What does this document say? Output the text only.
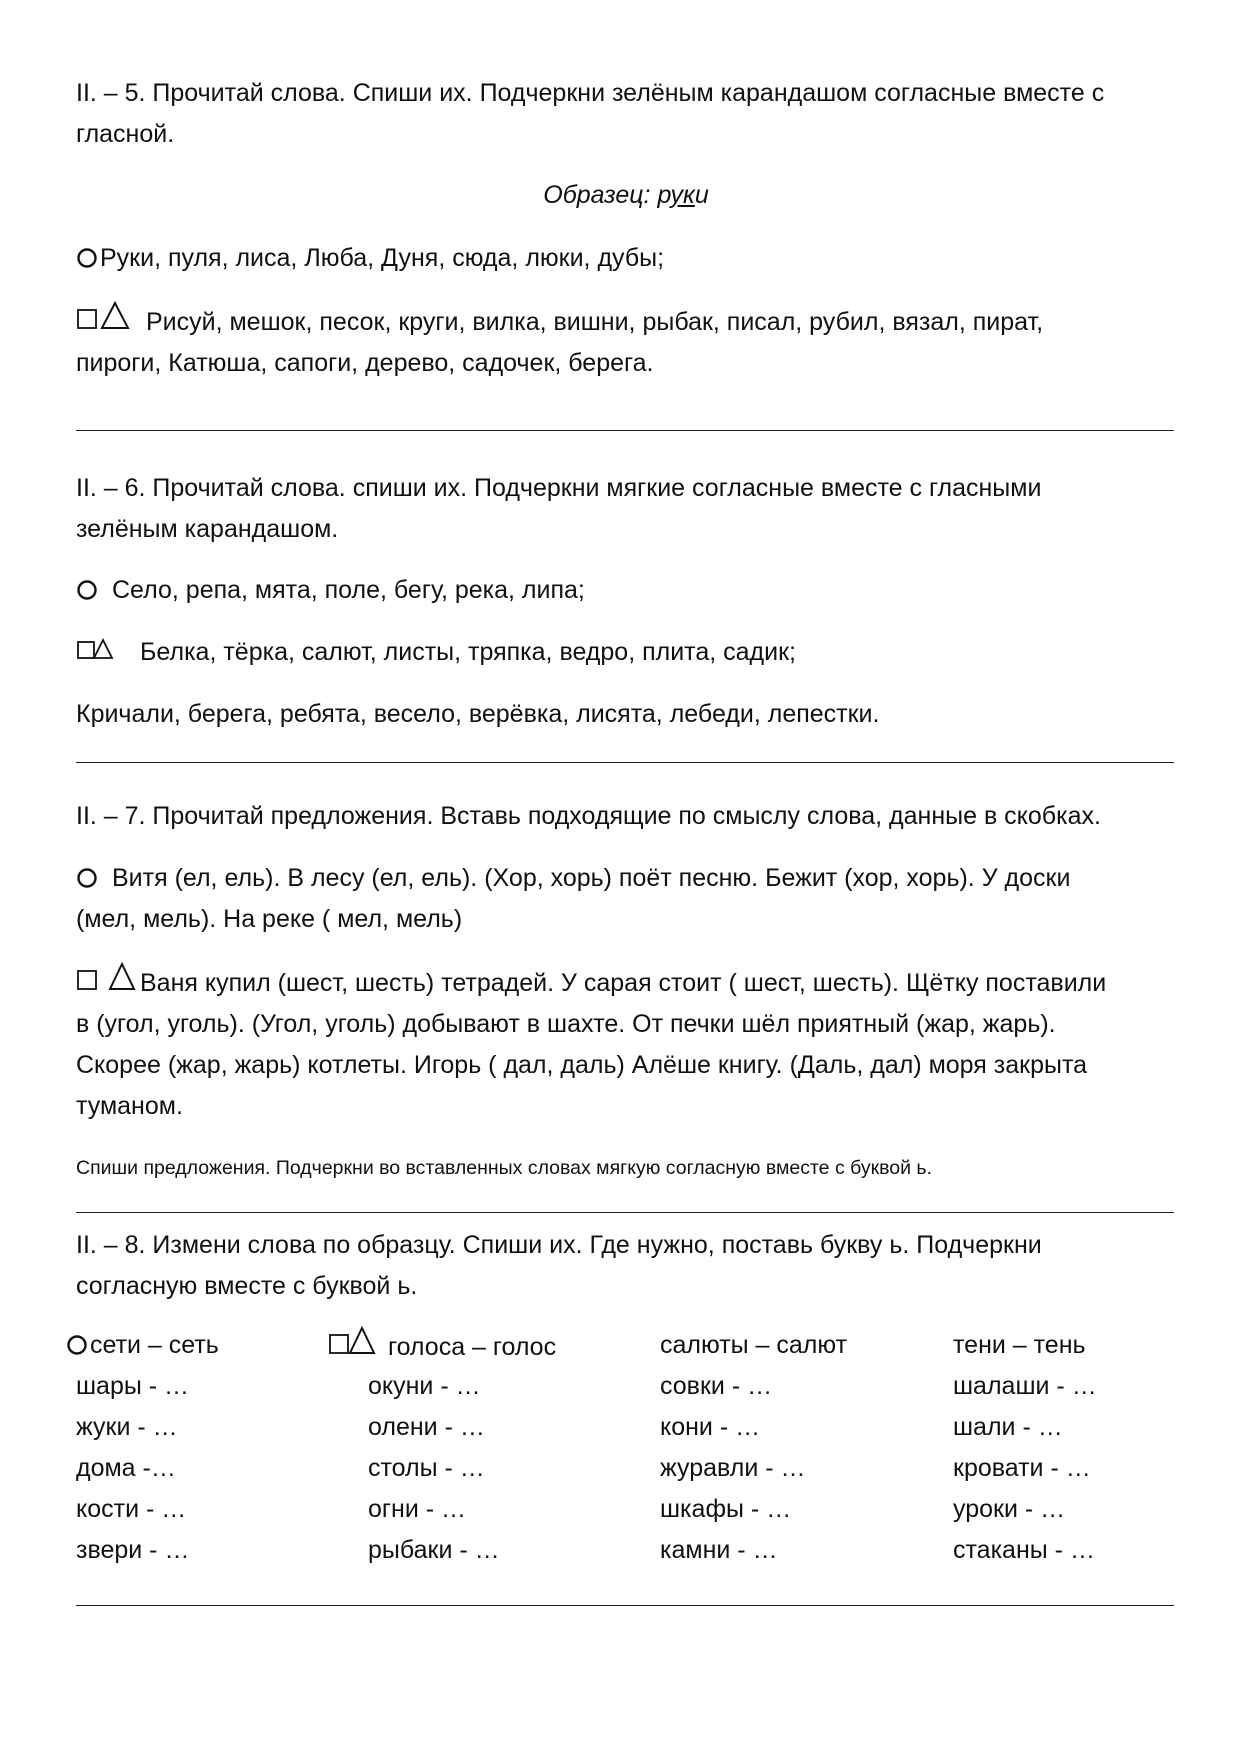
II. – 5. Прочитай слова. Спиши их. Подчеркни зелёным карандашом согласные вместе с
гласной.
Образец: руки
Руки, пуля, лиса, Люба, Дуня, сюда, люки, дубы;
Рисуй, мешок, песок, круги, вилка, вишни, рыбак, писал, рубил, вязал, пират,
пироги, Катюша, сапоги, дерево, садочек, берега.
II. – 6. Прочитай слова. спиши их. Подчеркни мягкие согласные вместе с гласными
зелёным карандашом.
Село, репа, мята, поле, бегу, река, липа;
Белка, тёрка, салют, листы, тряпка, ведро, плита, садик;
Кричали, берега, ребята, весело, верёвка, лисята, лебеди, лепестки.
II. – 7. Прочитай предложения. Вставь подходящие по смыслу слова, данные в скобках.
Витя (ел, ель). В лесу (ел, ель). (Хор, хорь) поёт песню. Бежит (хор, хорь). У доски
(мел, мель). На реке ( мел, мель)
Ваня купил (шест, шесть) тетрадей. У сарая стоит ( шест, шесть). Щётку поставили
в (угол, уголь). (Угол, уголь) добывают в шахте. От печки шёл приятный (жар, жарь).
Скорее (жар, жарь) котлеты. Игорь ( дал, даль) Алёше книгу. (Даль, дал) моря закрыта
туманом.
Спиши предложения. Подчеркни во вставленных словах мягкую согласную вместе с буквой ь.
II. – 8. Измени слова по образцу. Спиши их. Где нужно, поставь букву ь. Подчеркни
согласную вместе с буквой ь.
сети – сеть
шары - …
жуки - …
дома -…
кости - …
звери - …
голоса – голос
окуни - …
олени - …
столы - …
огни - …
рыбаки - …
салюты – салют
совки - …
кони - …
журавли - …
шкафы - …
камни - …
тени – тень
шалаши - …
шали - …
кровати - …
уроки - …
стаканы - …
